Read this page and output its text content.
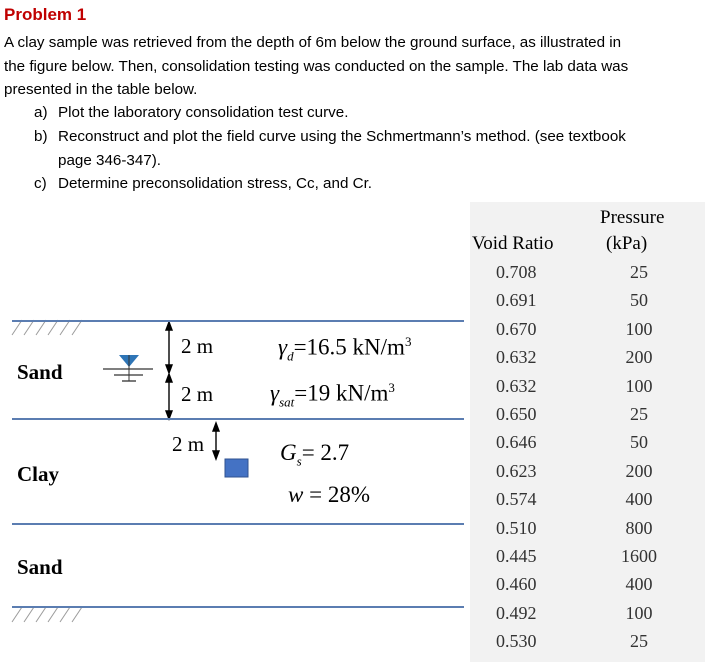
Problem 1
A clay sample was retrieved from the depth of 6m below the ground surface, as illustrated in
the figure below. Then, consolidation testing was conducted on the sample. The lab data was
presented in the table below.
a) Plot the laboratory consolidation test curve.
b) Reconstruct and plot the field curve using the Schmertmann’s method. (see textbook
page 346-347).
c) Determine preconsolidation stress, Cc, and Cr.
Sand
Clay
Sand
2 m
2 m
2 m
$\gamma_d=16.5$ $kN/m^3$
$\gamma_{sat}=19$ $kN/m^3$
$G_s= 2.7$
w = 28%
Void Ratio
Pressure
(kPa)
0.708	25
0.691	50
0.670	100
0.632	200
0.632	100
0.650	25
0.646	50
0.623	200
0.574	400
0.510	800
0.445	1600
0.460	400
0.492	100
0.530	25
